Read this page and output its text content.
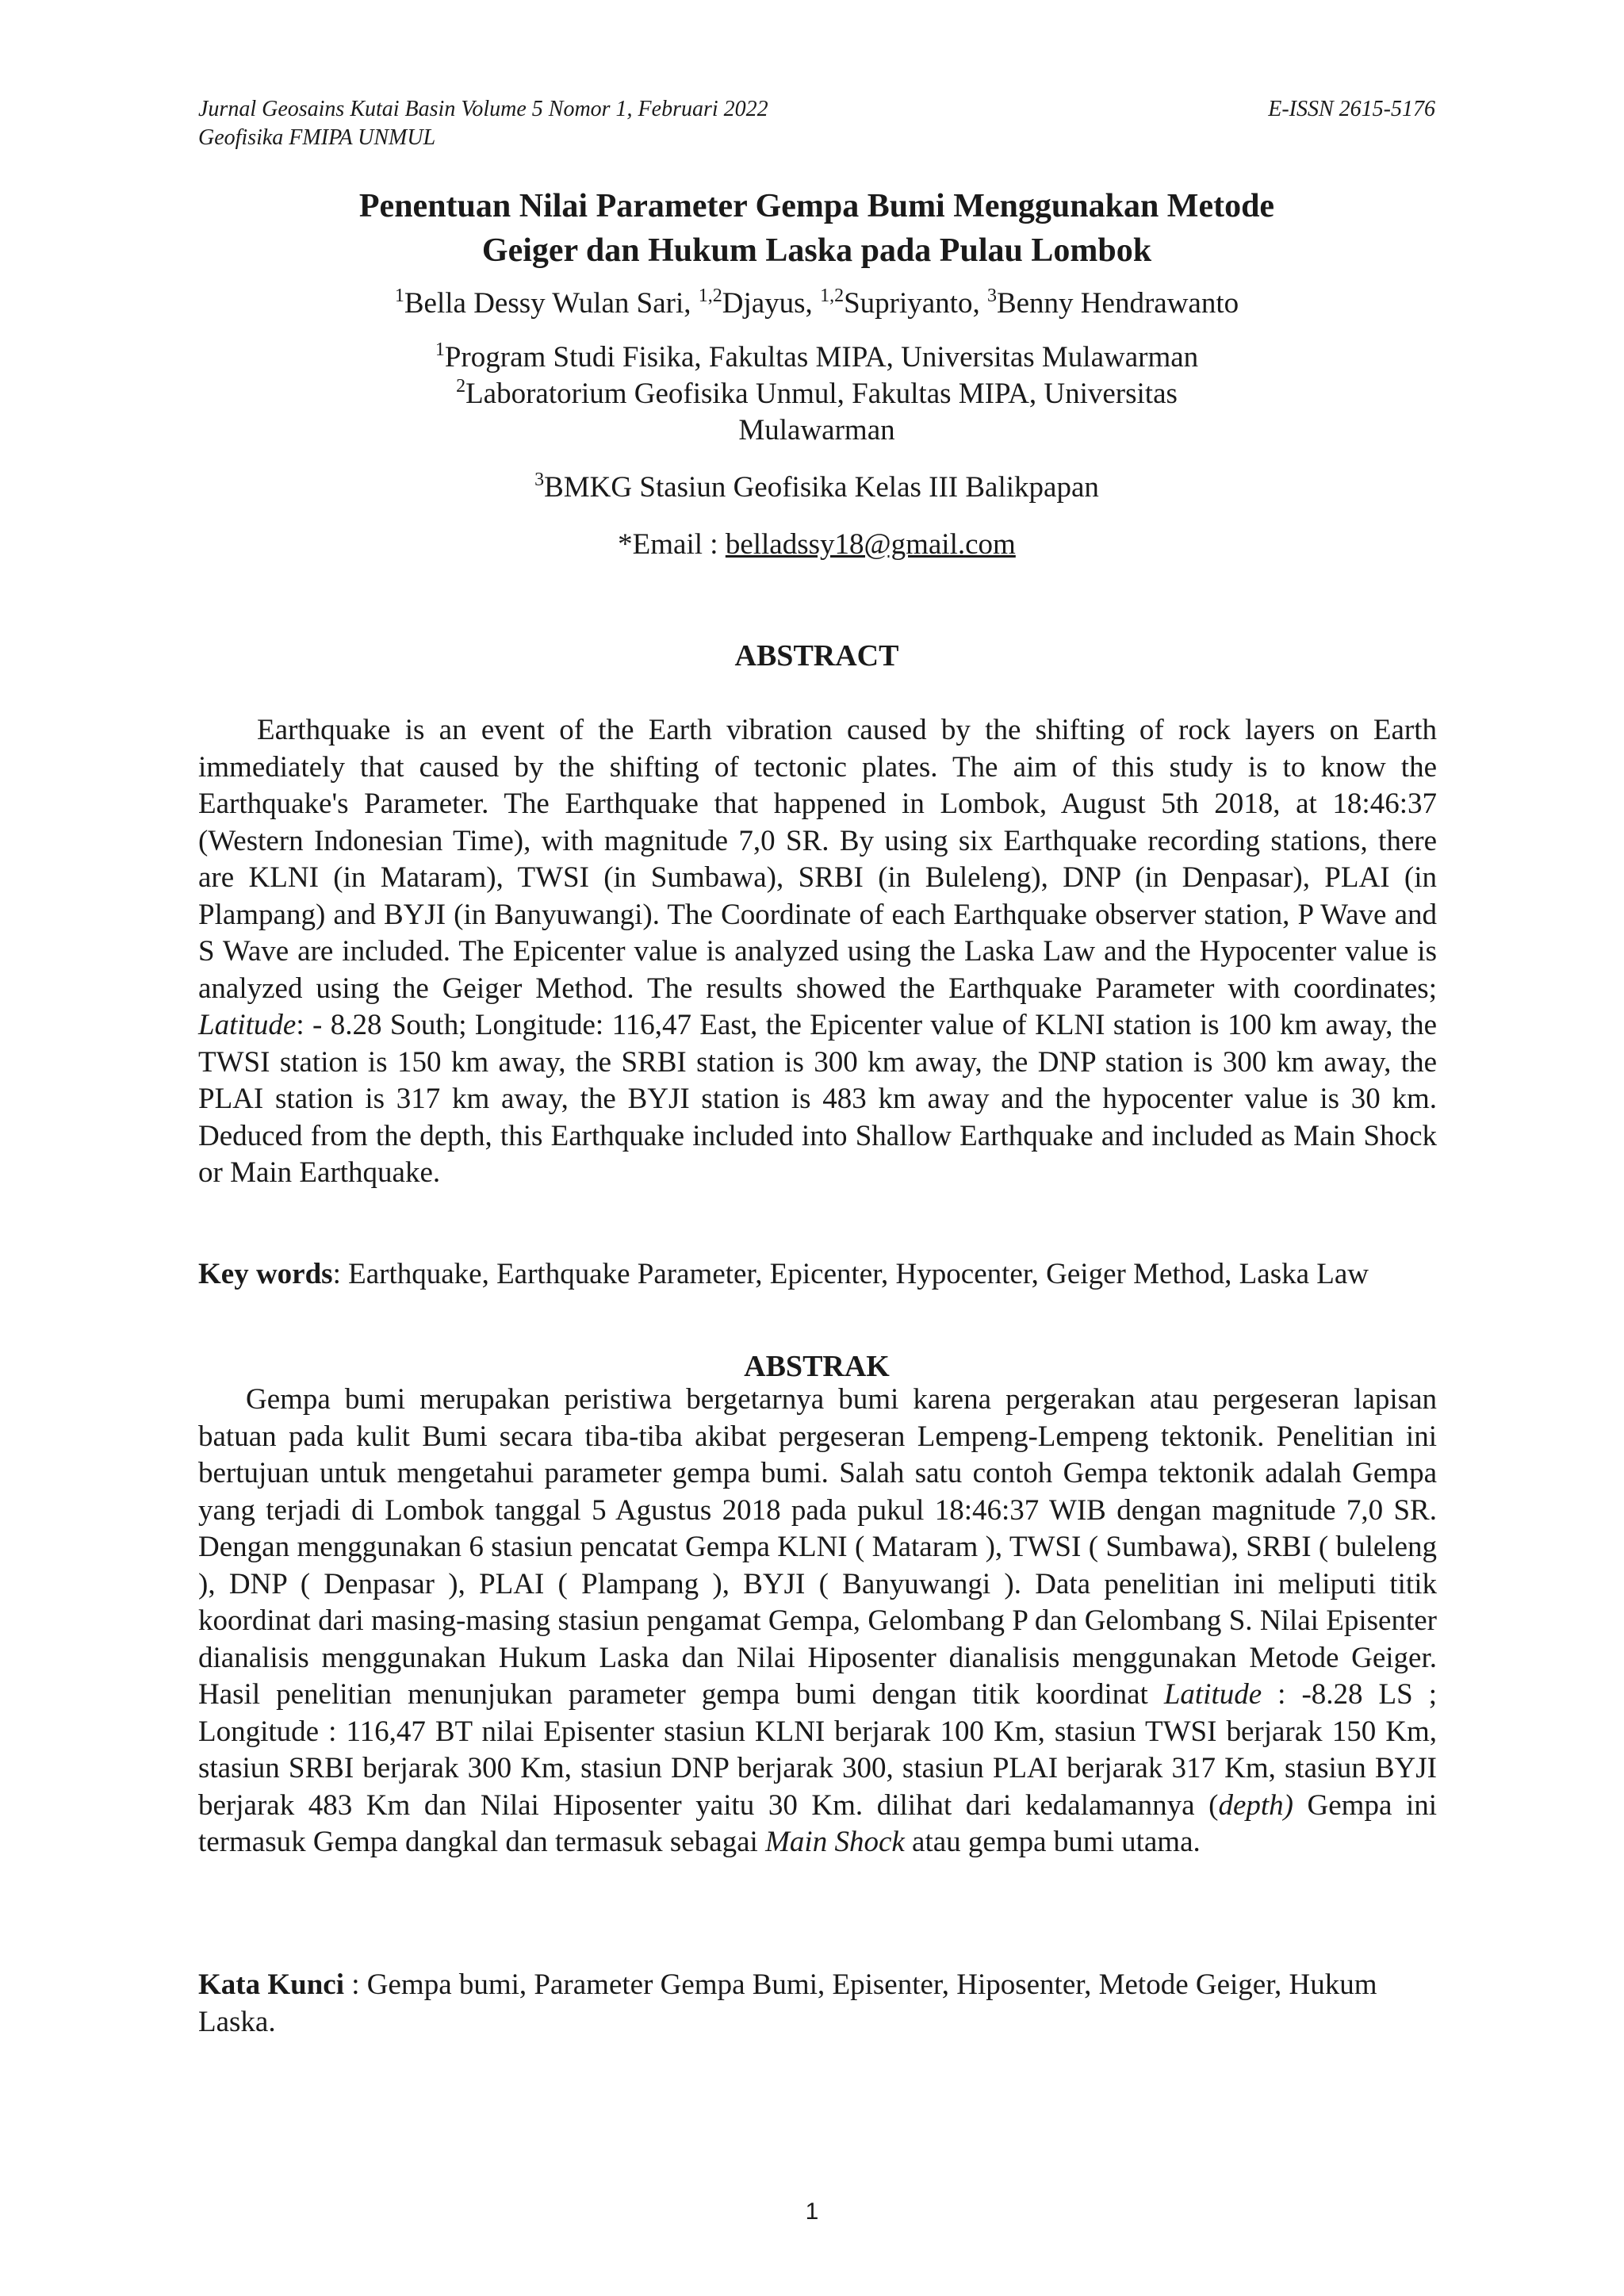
Jurnal Geosains Kutai Basin Volume 5 Nomor 1, Februari 2022	E-ISSN 2615-5176
Geofisika FMIPA UNMUL
Penentuan Nilai Parameter Gempa Bumi Menggunakan Metode
Geiger dan Hukum Laska pada Pulau Lombok
$^1$Bella Dessy Wulan Sari, $^{1,2}$Djayus, $^{1,2}$Supriyanto, $^3$Benny Hendrawanto
$^1$Program Studi Fisika, Fakultas MIPA, Universitas Mulawarman
$^2$Laboratorium Geofisika Unmul, Fakultas MIPA, Universitas
Mulawarman
$^3$BMKG Stasiun Geofisika Kelas III Balikpapan
*Email : belladssy18@gmail.com
ABSTRACT
Earthquake is an event of the Earth vibration caused by the shifting of rock layers on Earth immediately that caused by the shifting of tectonic plates. The aim of this study is to know the Earthquake's Parameter. The Earthquake that happened in Lombok, August 5th 2018, at 18:46:37 (Western Indonesian Time), with magnitude 7,0 SR. By using six Earthquake recording stations, there are KLNI (in Mataram), TWSI (in Sumbawa), SRBI (in Buleleng), DNP (in Denpasar), PLAI (in Plampang) and BYJI (in Banyuwangi). The Coordinate of each Earthquake observer station, P Wave and S Wave are included. The Epicenter value is analyzed using the Laska Law and the Hypocenter value is analyzed using the Geiger Method. The results showed the Earthquake Parameter with coordinates; Latitude: - 8.28 South; Longitude: 116,47 East, the Epicenter value of KLNI station is 100 km away, the TWSI station is 150 km away, the SRBI station is 300 km away, the DNP station is 300 km away, the PLAI station is 317 km away, the BYJI station is 483 km away and the hypocenter value is 30 km. Deduced from the depth, this Earthquake included into Shallow Earthquake and included as Main Shock or Main Earthquake.
Key words: Earthquake, Earthquake Parameter, Epicenter, Hypocenter, Geiger Method, Laska Law
ABSTRAK
Gempa bumi merupakan peristiwa bergetarnya bumi karena pergerakan atau pergeseran lapisan batuan pada kulit Bumi secara tiba-tiba akibat pergeseran Lempeng-Lempeng tektonik. Penelitian ini bertujuan untuk mengetahui parameter gempa bumi. Salah satu contoh Gempa tektonik adalah Gempa yang terjadi di Lombok tanggal 5 Agustus 2018 pada pukul 18:46:37 WIB dengan magnitude 7,0 SR. Dengan menggunakan 6 stasiun pencatat Gempa KLNI ( Mataram ), TWSI ( Sumbawa), SRBI ( buleleng ), DNP ( Denpasar ), PLAI ( Plampang ), BYJI ( Banyuwangi ). Data penelitian ini meliputi titik koordinat dari masing-masing stasiun pengamat Gempa, Gelombang P dan Gelombang S. Nilai Episenter dianalisis menggunakan Hukum Laska dan Nilai Hiposenter dianalisis menggunakan Metode Geiger. Hasil penelitian menunjukan parameter gempa bumi dengan titik koordinat Latitude : -8.28 LS ; Longitude : 116,47 BT nilai Episenter stasiun KLNI berjarak 100 Km, stasiun TWSI berjarak 150 Km, stasiun SRBI berjarak 300 Km, stasiun DNP berjarak 300, stasiun PLAI berjarak 317 Km, stasiun BYJI berjarak 483 Km dan Nilai Hiposenter yaitu 30 Km. dilihat dari kedalamannya (depth) Gempa ini termasuk Gempa dangkal dan termasuk sebagai Main Shock atau gempa bumi utama.
Kata Kunci : Gempa bumi, Parameter Gempa Bumi, Episenter, Hiposenter, Metode Geiger, Hukum Laska.
1
